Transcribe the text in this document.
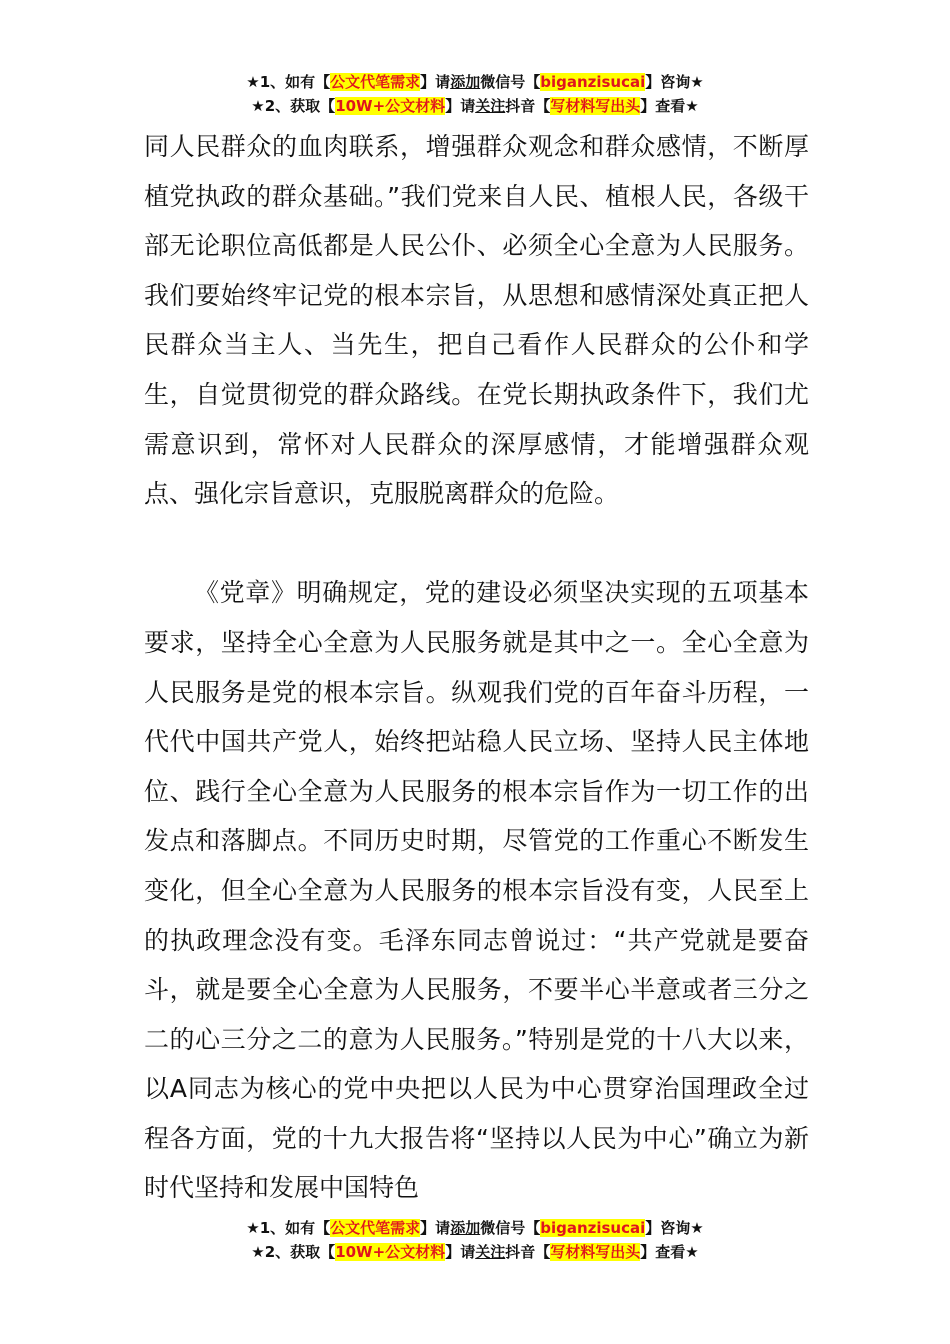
★1、如有【公文代笔需求】请添加微信号【biganzisucai】咨询★
★2、获取【10W+公文材料】请关注抖音【写材料写出头】查看★

同人民群众的血肉联系，增强群众观念和群众感情，不断厚植党执政的群众基础。”我们党来自人民、植根人民，各级干部无论职位高低都是人民公仆、必须全心全意为人民服务。我们要始终牢记党的根本宗旨，从思想和感情深处真正把人民群众当主人、当先生，把自己看作人民群众的公仆和学生，自觉贯彻党的群众路线。在党长期执政条件下，我们尤需意识到，常怀对人民群众的深厚感情，才能增强群众观点、强化宗旨意识，克服脱离群众的危险。

《党章》明确规定，党的建设必须坚决实现的五项基本要求，坚持全心全意为人民服务就是其中之一。全心全意为人民服务是党的根本宗旨。纵观我们党的百年奋斗历程，一代代中国共产党人，始终把站稳人民立场、坚持人民主体地位、践行全心全意为人民服务的根本宗旨作为一切工作的出发点和落脚点。不同历史时期，尽管党的工作重心不断发生变化，但全心全意为人民服务的根本宗旨没有变，人民至上的执政理念没有变。毛泽东同志曾说过：“共产党就是要奋斗，就是要全心全意为人民服务，不要半心半意或者三分之二的心三分之二的意为人民服务。”特别是党的十八大以来，以A同志为核心的党中央把以人民为中心贯穿治国理政全过程各方面，党的十九大报告将“坚持以人民为中心”确立为新时代坚持和发展中国特色

★1、如有【公文代笔需求】请添加微信号【biganzisucai】咨询★
★2、获取【10W+公文材料】请关注抖音【写材料写出头】查看★
